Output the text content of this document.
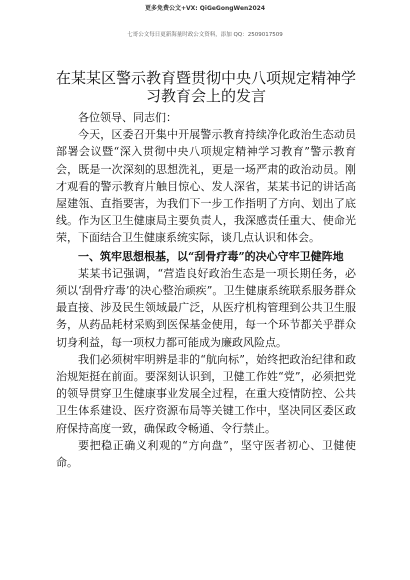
更多免费公文+VX: QiGeGongWen2024
七哥公文每日更新海量时政公文资料，添加 QQ：2509017509
在某某区警示教育暨贯彻中央八项规定精神学
习教育会上的发言

各位领导、同志们：

今天，区委召开集中开展警示教育持续净化政治生态动员部署会议暨“深入贯彻中央八项规定精神学习教育”警示教育会，既是一次深刻的思想洗礼，更是一场严肃的政治动员。刚才观看的警示教育片触目惊心、发人深省，某某书记的讲话高屋建瓴、直指要害，为我们下一步工作指明了方向、划出了底线。作为区卫生健康局主要负责人，我深感责任重大、使命光荣，下面结合卫生健康系统实际，谈几点认识和体会。

一、筑牢思想根基，以“刮骨疗毒”的决心守牢卫健阵地

某某书记强调，“营造良好政治生态是一项长期任务，必须以‘刮骨疗毒’的决心整治顽疾”。卫生健康系统联系服务群众最直接、涉及民生领域最广泛，从医疗机构管理到公共卫生服务，从药品耗材采购到医保基金使用，每一个环节都关乎群众切身利益，每一项权力都可能成为廉政风险点。

我们必须树牢明辨是非的“航向标”，始终把政治纪律和政治规矩挺在前面。要深刻认识到，卫健工作姓“党”，必须把党的领导贯穿卫生健康事业发展全过程，在重大疫情防控、公共卫生体系建设、医疗资源布局等关键工作中，坚决同区委区政府保持高度一致，确保政令畅通、令行禁止。

要把稳正确义利观的“方向盘”，坚守医者初心、卫健使命。
